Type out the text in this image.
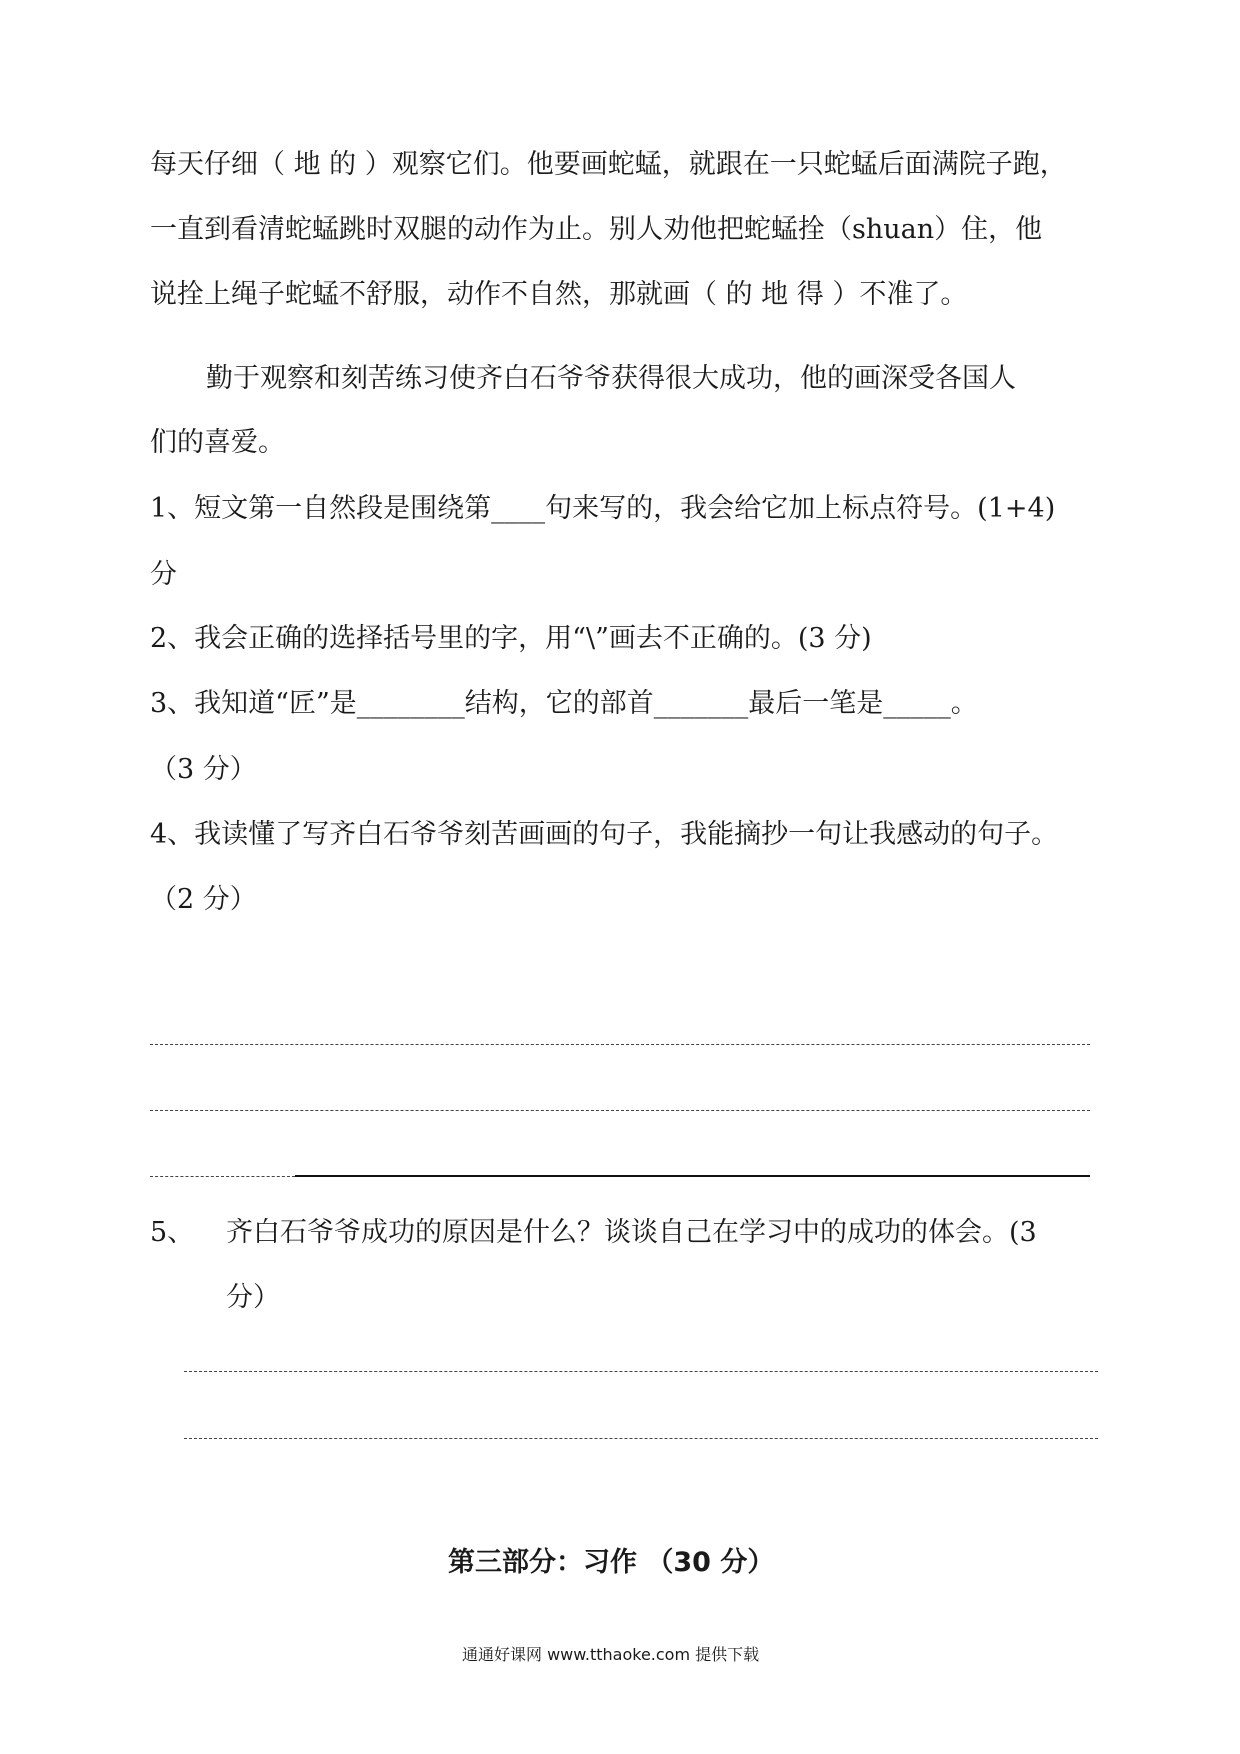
每天仔细（ 地 的 ）观察它们。他要画蛇蜢，就跟在一只蛇蜢后面满院子跑，
一直到看清蛇蜢跳时双腿的动作为止。别人劝他把蛇蜢拴（shuan）住，他
说拴上绳子蛇蜢不舒服，动作不自然，那就画（ 的 地 得 ）不准了。
勤于观察和刻苦练习使齐白石爷爷获得很大成功，他的画深受各国人
们的喜爱。
1、短文第一自然段是围绕第____句来写的，我会给它加上标点符号。(1+4)
分
2、我会正确的选择括号里的字，用“\”画去不正确的。(3 分)
3、我知道“匠”是________结构，它的部首_______最后一笔是_____。
（3 分）
4、我读懂了写齐白石爷爷刻苦画画的句子，我能摘抄一句让我感动的句子。
（2 分）
5、 齐白石爷爷成功的原因是什么？谈谈自己在学习中的成功的体会。(3
分）
第三部分：习作 （30 分）
通通好课网 www.tthaoke.com 提供下载
